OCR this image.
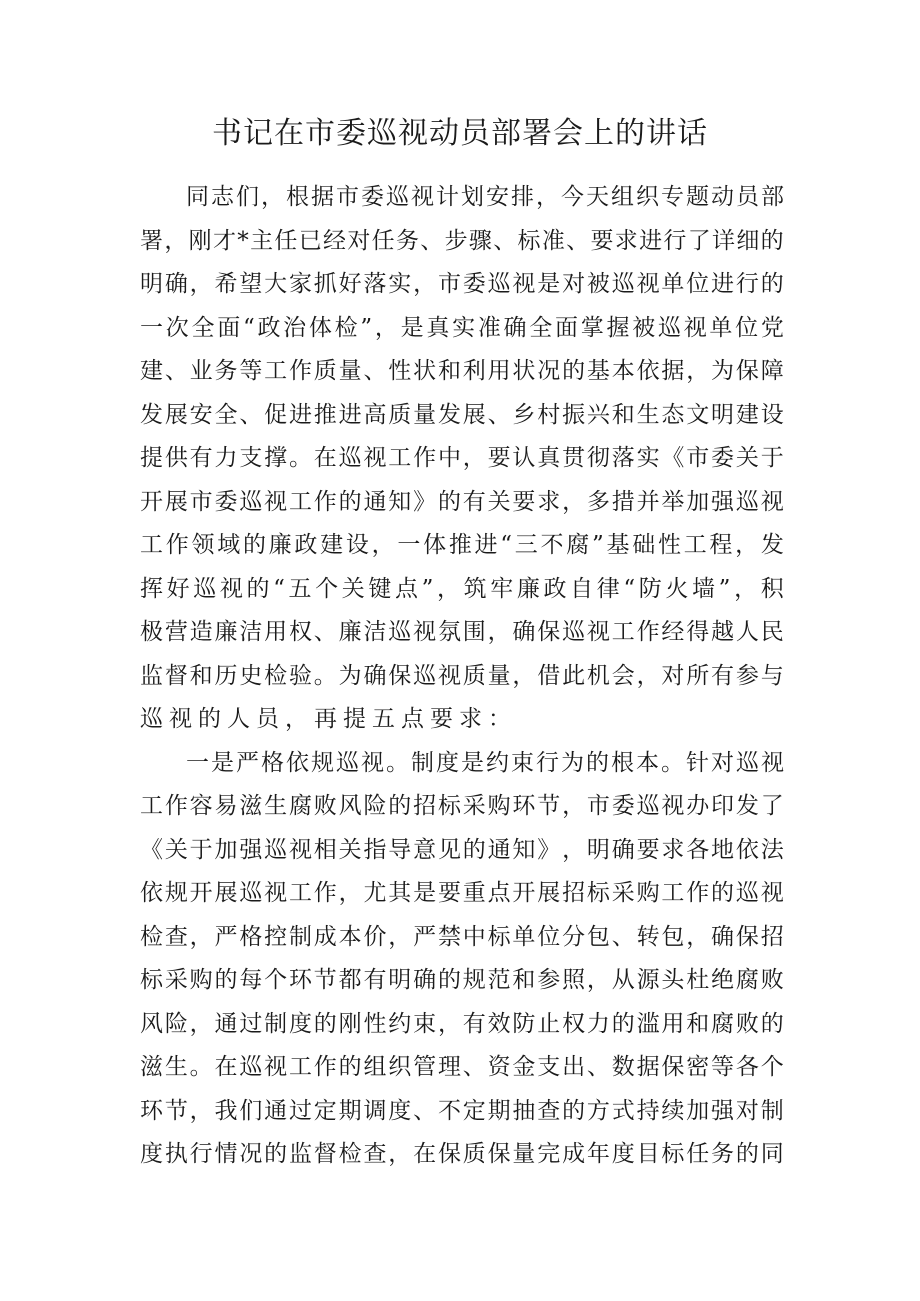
书记在市委巡视动员部署会上的讲话
同 志 们 ， 根 据 市 委 巡 视 计 划 安 排 ， 今 天 组 织 专 题 动 员 部
署 ， 刚 才 * 主 任 已 经 对 任 务 、 步 骤 、 标 准 、 要 求 进 行 了 详 细 的
明 确 ， 希 望 大 家 抓 好 落 实 ， 市 委 巡 视 是 对 被 巡 视 单 位 进 行 的
一 次 全 面 “ 政 治 体 检 ” ， 是 真 实 准 确 全 面 掌 握 被 巡 视 单 位 党
建 、 业 务 等 工 作 质 量 、 性 状 和 利 用 状 况 的 基 本 依 据 ， 为 保 障
发 展 安 全 、 促 进 推 进 高 质 量 发 展 、 乡 村 振 兴 和 生 态 文 明 建 设
提 供 有 力 支 撑 。 在 巡 视 工 作 中 ， 要 认 真 贯 彻 落 实 《 市 委 关 于
开 展 市 委 巡 视 工 作 的 通 知 》 的 有 关 要 求 ， 多 措 并 举 加 强 巡 视
工 作 领 域 的 廉 政 建 设 ， 一 体 推 进 “ 三 不 腐 ” 基 础 性 工 程 ， 发
挥 好 巡 视 的 “ 五 个 关 键 点 ” ， 筑 牢 廉 政 自 律 “ 防 火 墙 ” ， 积
极 营 造 廉 洁 用 权 、 廉 洁 巡 视 氛 围 ， 确 保 巡 视 工 作 经 得 越 人 民
监 督 和 历 史 检 验 。 为 确 保 巡 视 质 量 ， 借 此 机 会 ， 对 所 有 参 与
巡 视 的 人 员 ， 再 提 五 点 要 求 ：
一 是 严 格 依 规 巡 视 。 制 度 是 约 束 行 为 的 根 本 。 针 对 巡 视
工 作 容 易 滋 生 腐 败 风 险 的 招 标 采 购 环 节 ， 市 委 巡 视 办 印 发 了
《 关 于 加 强 巡 视 相 关 指 导 意 见 的 通 知 》 ， 明 确 要 求 各 地 依 法
依 规 开 展 巡 视 工 作 ， 尤 其 是 要 重 点 开 展 招 标 采 购 工 作 的 巡 视
检 查 ， 严 格 控 制 成 本 价 ， 严 禁 中 标 单 位 分 包 、 转 包 ， 确 保 招
标 采 购 的 每 个 环 节 都 有 明 确 的 规 范 和 参 照 ， 从 源 头 杜 绝 腐 败
风 险 ， 通 过 制 度 的 刚 性 约 束 ， 有 效 防 止 权 力 的 滥 用 和 腐 败 的
滋 生 。 在 巡 视 工 作 的 组 织 管 理 、 资 金 支 出 、 数 据 保 密 等 各 个
环 节 ， 我 们 通 过 定 期 调 度 、 不 定 期 抽 查 的 方 式 持 续 加 强 对 制
度 执 行 情 况 的 监 督 检 查 ， 在 保 质 保 量 完 成 年 度 目 标 任 务 的 同
